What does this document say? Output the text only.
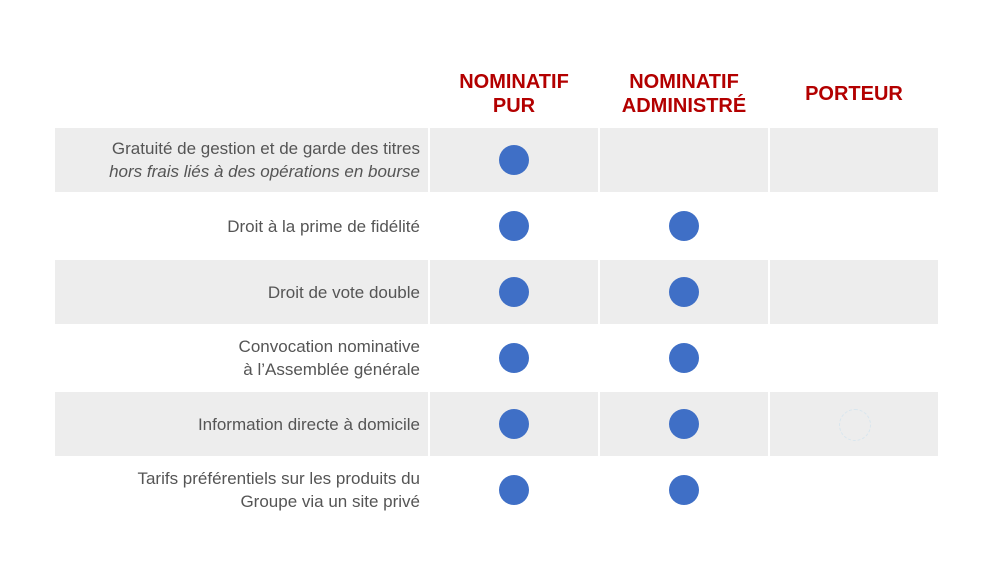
NOMINATIF
PUR
NOMINATIF
ADMINISTRÉ
PORTEUR
Gratuité de gestion et de garde des titres
hors frais liés à des opérations en bourse
Droit à la prime de fidélité
Droit de vote double
Convocation nominative
à l’Assemblée générale
Information directe à domicile
Tarifs préférentiels sur les produits du
Groupe via un site privé
